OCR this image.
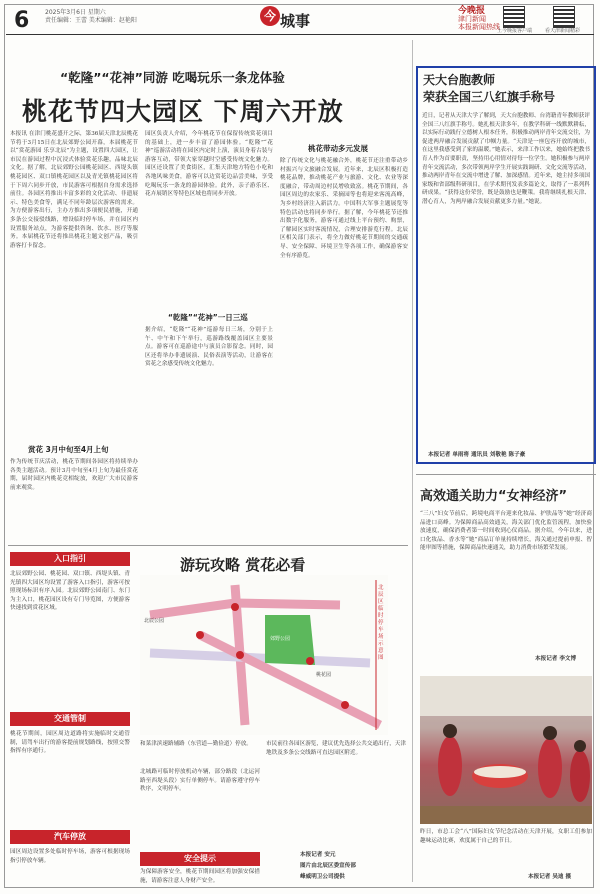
6	2025年3月6日 星期六
责任编辑：王蕾 美术编辑：赵艳阳	今 城事
今晚报
津门新闻
本报新闻热线
上今晚报客户端	看天津新闻精彩
“乾隆”“花神”同游 吃喝玩乐一条龙体验
桃花节四大园区 下周六开放
本报讯 在津门桃花盛开之际，第36届天津北辰桃花节将于3月15日在北辰郊野公园开幕，本届桃花节以“赏花游园 乐享北辰”为主题，设置四大园区，让市民在游园过程中沉浸式体验赏花乐趣，品味北辰文化。据了解，北辰郊野公园桃花园区、西堤头镇桃花园区、双口镇桃花园区以及青光镇桃花园区将于下周六同步开放，市民游客可根据自身需求选择前往。各园区将推出丰富多彩的文化活动、非遗展示、特色美食等，满足不同年龄层次游客的需求。为方便游客出行，主办方推出多项便民措施，开通多条公交接驳线路，增设临时停车场，并在园区内设置服务站点，为游客提供咨询、饮水、医疗等服务。本届桃花节还将推出桃花主题文创产品，吸引游客打卡留念。
赏花 3月中旬至4月上旬
作为传统节庆活动，桃花节期间各园区将持续举办各类主题活动。预计3月中旬至4月上旬为最佳赏花期，届时园区内桃花竞相绽放，欢迎广大市民游客前来观赏。
园区负责人介绍，今年桃花节在保留传统赏花项目的基础上，进一步丰富了游园体验。“乾隆”“花神”巡游活动将在园区内定时上演，演员身着古装与游客互动，带领大家穿越时空感受传统文化魅力。园区还设置了美食街区，汇集天津地方特色小吃和各地风味美食，游客可以边赏花边品尝美味，享受吃喝玩乐一条龙的游园体验。此外，亲子游乐区、花卉展销区等特色区域也将同步开放。
“乾隆”“花神”一日三巡
据介绍，“乾隆”“花神”巡游每日三场，分别于上午、中午和下午举行，巡游路线覆盖园区主要景点。游客可在巡游途中与演员合影留念。同时，园区还将举办非遗展演、民俗表演等活动，让游客在赏花之余感受传统文化魅力。
桃花带动多元发展
除了传统文化与桃花融合外，桃花节还注重带动乡村振兴与文旅融合发展。近年来，北辰区积极打造桃花品牌，推动桃花产业与旅游、文化、农业等深度融合，带动周边村民增收致富。桃花节期间，各园区周边的农家乐、采摘园等也将迎来客流高峰，为乡村经济注入新活力。中国科大军事主题展览等特色活动也将同步举行。据了解，今年桃花节还推出数字化服务，游客可通过线上平台预约、购票，了解园区实时客流情况，合理安排游览行程。北辰区相关部门表示，将全力做好桃花节期间的交通疏导、安全保障、环境卫生等各项工作，确保游客安全有序游览。
天大台胞教师
荣获全国三八红旗手称号
近日，记者从天津大学了解到，天大台胞教师、台湾籍青年教师获评全国三八红旗手称号。她扎根天津多年，在教学科研一线默默耕耘，以实际行动践行立德树人根本任务，积极推动两岸青年交流交往，为促进两岸融合发展贡献了巾帼力量。“天津是一座包容开放的城市，在这里我感受到了家的温暖。”她表示，来津工作以来，她始终把教书育人作为首要职责，坚持用心用情对待每一位学生。她积极参与两岸青年交流活动，多次带领两岸学生开展实践调研、文化交流等活动，推动两岸青年在交流中增进了解、加深感情。近年来，她主持多项国家级和省部级科研项目，在学术期刊发表多篇论文，取得了一系列科研成果。“获得这份荣誉，既是鼓励也是鞭策。我将继续扎根天津、潜心育人，为两岸融合发展贡献更多力量。”她说。
本报记者 单雨将 通讯员 刘敬艳 陈子豪
高效通关助力“女神经济”
“三八”妇女节前后，跨境电商平台迎来化妆品、护肤品等“她”经济商品进口高峰。为保障商品高效通关，海关部门优化监管流程，加快验放速度，确保消费者第一时间收到心仪商品。据介绍，今年以来，进口化妆品、香水等“她”商品订单量持续增长，海关通过提前申报、智能审图等措施，保障商品快速通关，助力消费市场繁荣发展。
本报记者 李文博
昨日，市总工会“八”国际妇女节纪念活动在天津开展，女职工们参加趣味运动比赛，欢度属于自己的节日。
本报记者 吴迪 摄
入口指引
北辰郊野公园、桃花园、双口镇、西堤头镇、青光镇四大园区均设置了游客入口指引，游客可按照现场标识有序入园。北辰郊野公园南门、东门为主入口，桃花园区设有专门导览图，方便游客快速找到赏花区域。
交通管制
桃花节期间，园区周边道路将实施临时交通管制，请驾车出行的游客提前规划路线，按照交警指挥有序通行。
汽车停放
园区周边设置多处临时停车场，游客可根据现场指引停放车辆。
游玩攻略 赏花必看
北辰公园
郊野公园
桃花园
北辰区临时停车场示意图
和菜津滨速路辅路（东营道—勤俭道）停放。
北城路可临时停放机动车辆，部分路段（北运河路至西堤头段）实行单侧停车。请游客遵守停车秩序，文明停车。
安全提示
为保障游客安全，桃花节期间园区将加强安保措施，请游客注意人身财产安全。
市民前往各园区游览，建议优先选择公共交通出行，天津地铁及多条公交线路可直达园区附近。
本报记者 安元
图片由北辰区委宣传部
峰威明卫公司提供
